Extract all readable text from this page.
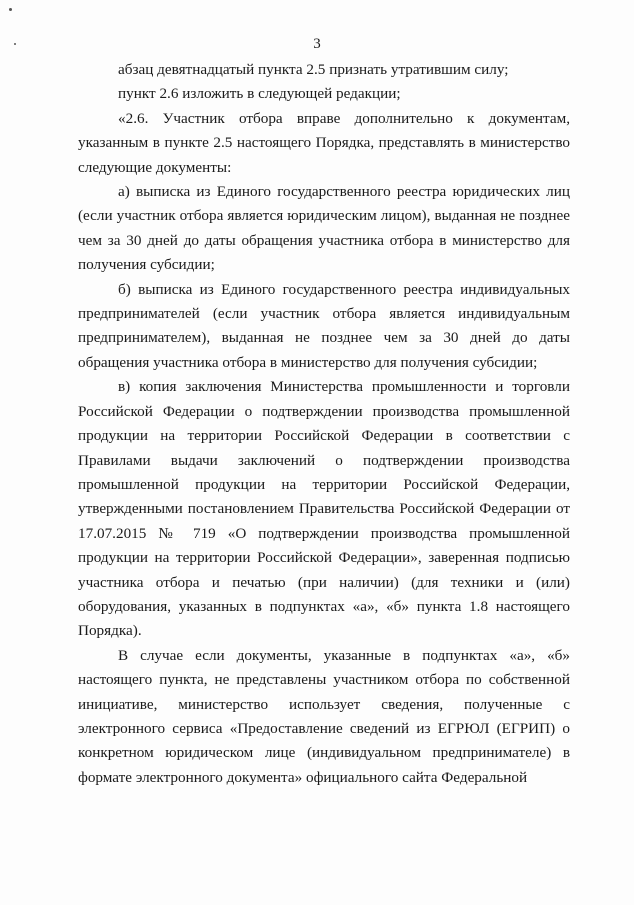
3

абзац девятнадцатый пункта 2.5 признать утратившим силу;

пункт 2.6 изложить в следующей редакции;

«2.6. Участник отбора вправе дополнительно к документам, указанным в пункте 2.5 настоящего Порядка, представлять в министерство следующие документы:

а) выписка из Единого государственного реестра юридических лиц (если участник отбора является юридическим лицом), выданная не позднее чем за 30 дней до даты обращения участника отбора в министерство для получения субсидии;

б) выписка из Единого государственного реестра индивидуальных предпринимателей (если участник отбора является индивидуальным предпринимателем), выданная не позднее чем за 30 дней до даты обращения участника отбора в министерство для получения субсидии;

в) копия заключения Министерства промышленности и торговли Российской Федерации о подтверждении производства промышленной продукции на территории Российской Федерации в соответствии с Правилами выдачи заключений о подтверждении производства промышленной продукции на территории Российской Федерации, утвержденными постановлением Правительства Российской Федерации от 17.07.2015 № 719 «О подтверждении производства промышленной продукции на территории Российской Федерации», заверенная подписью участника отбора и печатью (при наличии) (для техники и (или) оборудования, указанных в подпунктах «а», «б» пункта 1.8 настоящего Порядка).

В случае если документы, указанные в подпунктах «а», «б» настоящего пункта, не представлены участником отбора по собственной инициативе, министерство использует сведения, полученные с электронного сервиса «Предоставление сведений из ЕГРЮЛ (ЕГРИП) о конкретном юридическом лице (индивидуальном предпринимателе) в формате электронного документа» официального сайта Федеральной
